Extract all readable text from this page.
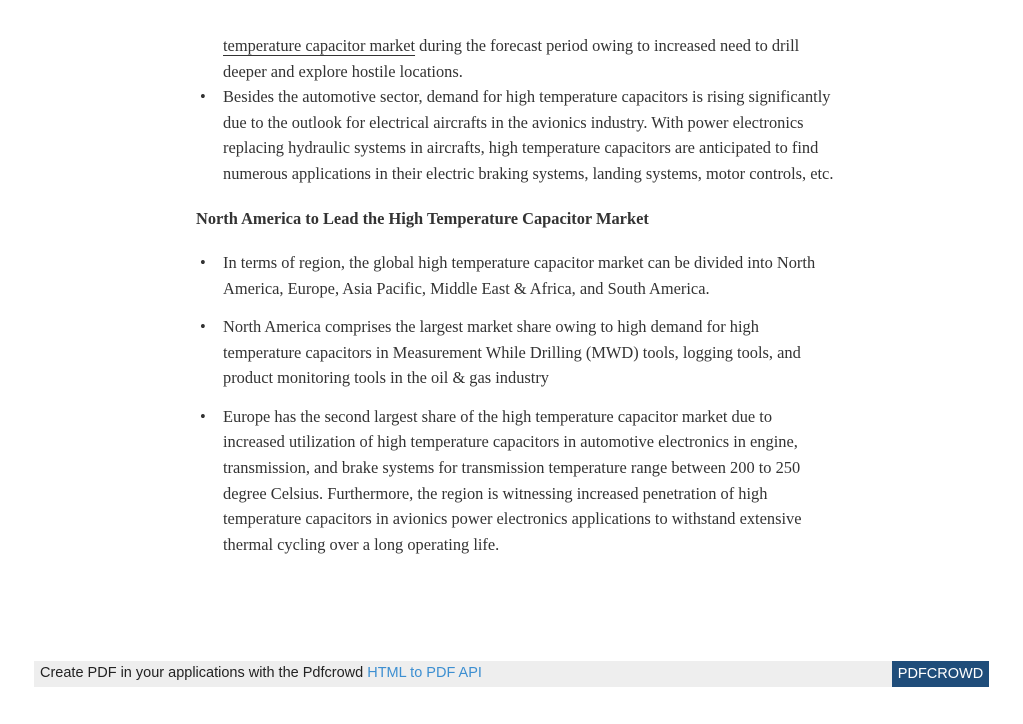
temperature capacitor market during the forecast period owing to increased need to drill deeper and explore hostile locations.

• Besides the automotive sector, demand for high temperature capacitors is rising significantly due to the outlook for electrical aircrafts in the avionics industry. With power electronics replacing hydraulic systems in aircrafts, high temperature capacitors are anticipated to find numerous applications in their electric braking systems, landing systems, motor controls, etc.
North America to Lead the High Temperature Capacitor Market
• In terms of region, the global high temperature capacitor market can be divided into North America, Europe, Asia Pacific, Middle East & Africa, and South America.
• North America comprises the largest market share owing to high demand for high temperature capacitors in Measurement While Drilling (MWD) tools, logging tools, and product monitoring tools in the oil & gas industry
• Europe has the second largest share of the high temperature capacitor market due to increased utilization of high temperature capacitors in automotive electronics in engine, transmission, and brake systems for transmission temperature range between 200 to 250 degree Celsius. Furthermore, the region is witnessing increased penetration of high temperature capacitors in avionics power electronics applications to withstand extensive thermal cycling over a long operating life.
Create PDF in your applications with the Pdfcrowd HTML to PDF API	PDFCROWD
